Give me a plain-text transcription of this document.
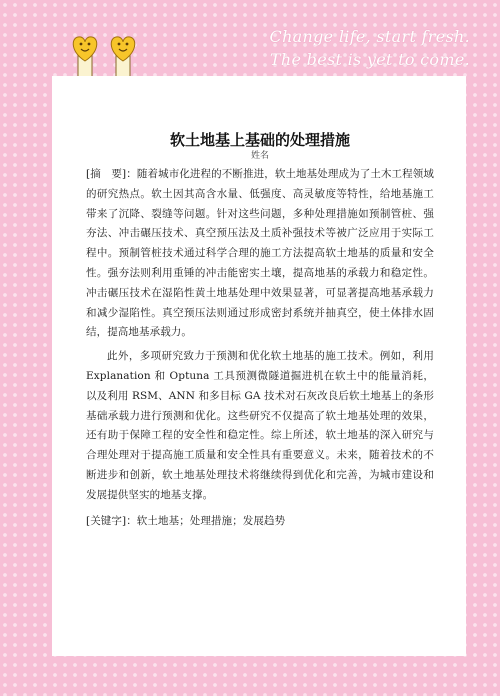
Change life, start fresh.
The best is yet to come.
软土地基上基础的处理措施

姓名

[摘　要]：随着城市化进程的不断推进，软土地基处理成为了土木工程领域的研究热点。软土因其高含水量、低强度、高灵敏度等特性，给地基施工带来了沉降、裂缝等问题。针对这些问题，多种处理措施如预制管桩、强夯法、冲击碾压技术、真空预压法及土质补强技术等被广泛应用于实际工程中。预制管桩技术通过科学合理的施工方法提高软土地基的质量和安全性。强夯法则利用重锤的冲击能密实土壤，提高地基的承载力和稳定性。冲击碾压技术在湿陷性黄土地基处理中效果显著，可显著提高地基承载力和减少湿陷性。真空预压法则通过形成密封系统并抽真空，使土体排水固结，提高地基承载力。

此外，多项研究致力于预测和优化软土地基的施工技术。例如，利用 Explanation 和 Optuna 工具预测微隧道掘进机在软土中的能量消耗，以及利用 RSM、ANN 和多目标 GA 技术对石灰改良后软土地基上的条形基础承载力进行预测和优化。这些研究不仅提高了软土地基处理的效果，还有助于保障工程的安全性和稳定性。综上所述，软土地基的深入研究与合理处理对于提高施工质量和安全性具有重要意义。未来，随着技术的不断进步和创新，软土地基处理技术将继续得到优化和完善，为城市建设和发展提供坚实的地基支撑。

[关键字]：软土地基；处理措施；发展趋势
